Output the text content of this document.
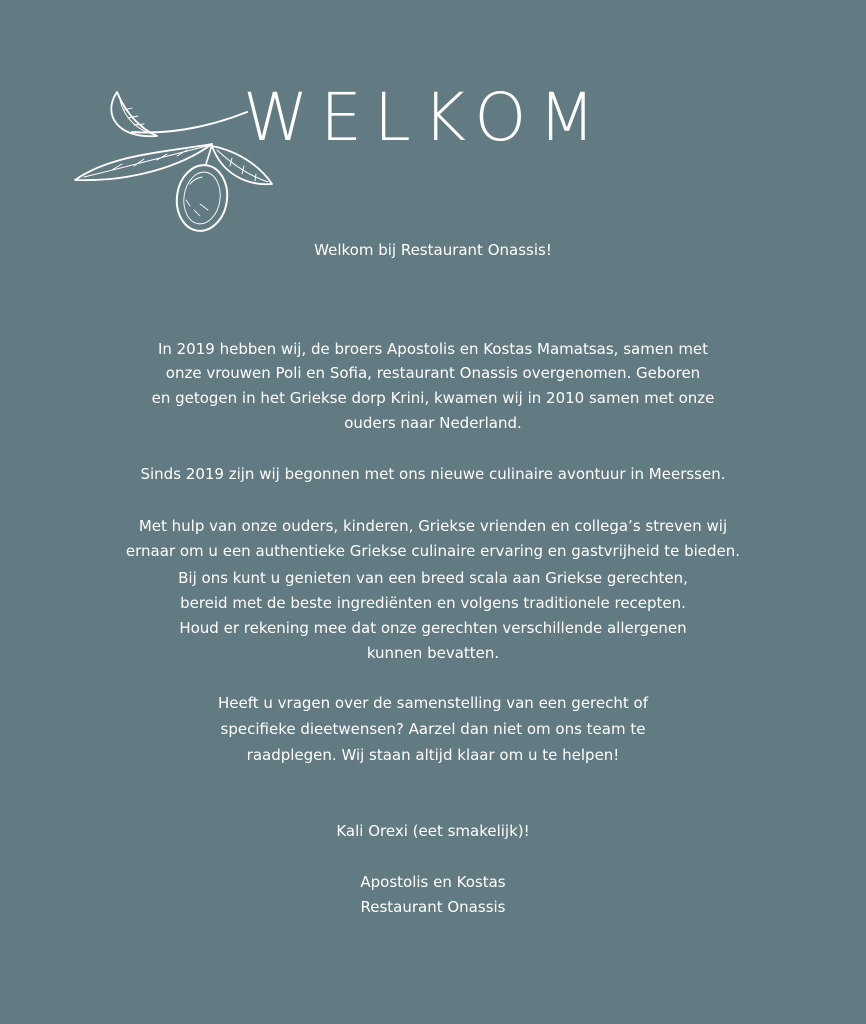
WELKOM
Welkom bij Restaurant Onassis!
In 2019 hebben wij, de broers Apostolis en Kostas Mamatsas, samen met
onze vrouwen Poli en Sofia, restaurant Onassis overgenomen. Geboren
en getogen in het Griekse dorp Krini, kwamen wij in 2010 samen met onze
ouders naar Nederland.
Sinds 2019 zijn wij begonnen met ons nieuwe culinaire avontuur in Meerssen.
Met hulp van onze ouders, kinderen, Griekse vrienden en collega’s streven wij
ernaar om u een authentieke Griekse culinaire ervaring en gastvrijheid te bieden.
Bij ons kunt u genieten van een breed scala aan Griekse gerechten,
bereid met de beste ingrediënten en volgens traditionele recepten.
Houd er rekening mee dat onze gerechten verschillende allergenen
kunnen bevatten.
Heeft u vragen over de samenstelling van een gerecht of
specifieke dieetwensen? Aarzel dan niet om ons team te
raadplegen. Wij staan altijd klaar om u te helpen!
Kali Orexi (eet smakelijk)!
Apostolis en Kostas
Restaurant Onassis
